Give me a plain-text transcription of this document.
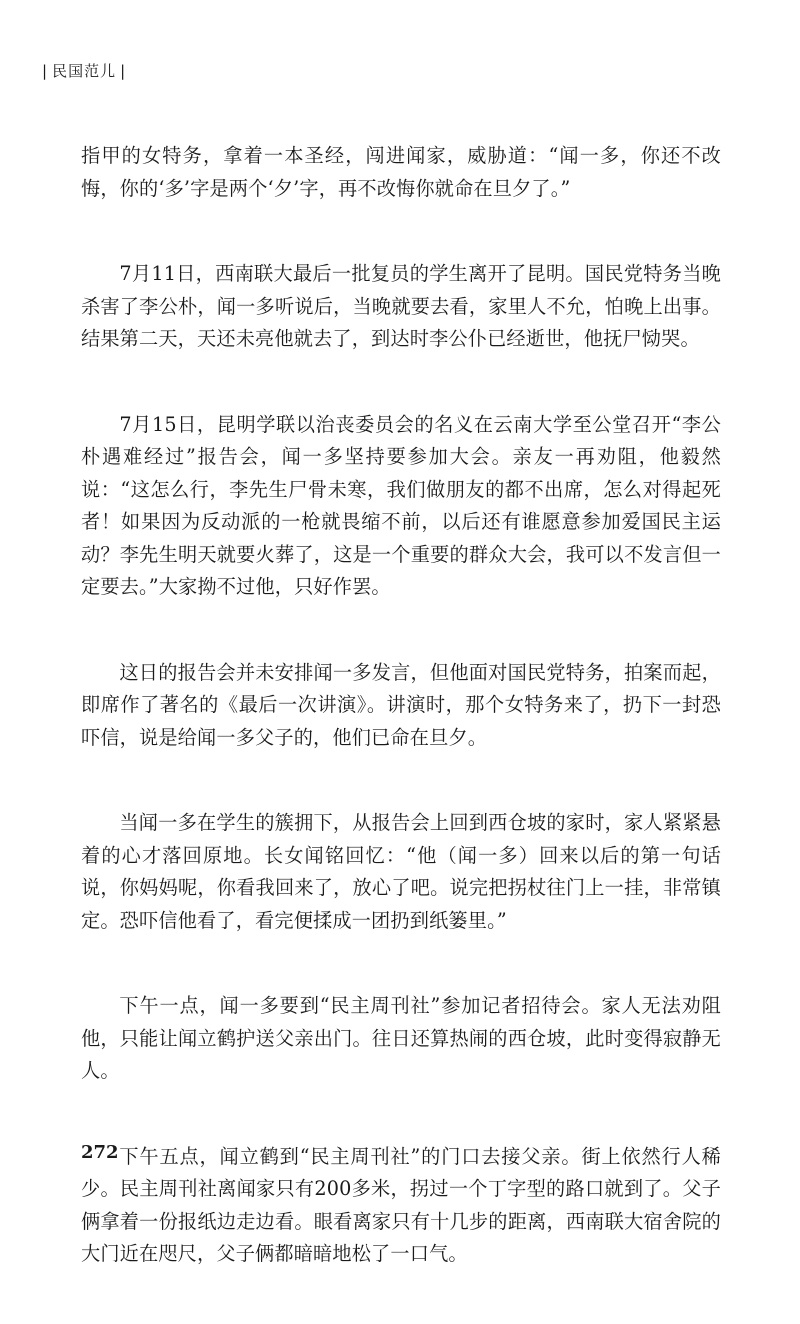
| 民国范儿 |

指甲的女特务，拿着一本圣经，闯进闻家，威胁道：“闻一多，你还不改悔，你的‘多’字是两个‘夕’字，再不改悔你就命在旦夕了。”

7月11日，西南联大最后一批复员的学生离开了昆明。国民党特务当晚杀害了李公朴，闻一多听说后，当晚就要去看，家里人不允，怕晚上出事。结果第二天，天还未亮他就去了，到达时李公仆已经逝世，他抚尸恸哭。

7月15日，昆明学联以治丧委员会的名义在云南大学至公堂召开“李公朴遇难经过”报告会，闻一多坚持要参加大会。亲友一再劝阻，他毅然说：“这怎么行，李先生尸骨未寒，我们做朋友的都不出席，怎么对得起死者！如果因为反动派的一枪就畏缩不前，以后还有谁愿意参加爱国民主运动？李先生明天就要火葬了，这是一个重要的群众大会，我可以不发言但一定要去。”大家拗不过他，只好作罢。

这日的报告会并未安排闻一多发言，但他面对国民党特务，拍案而起，即席作了著名的《最后一次讲演》。讲演时，那个女特务来了，扔下一封恐吓信，说是给闻一多父子的，他们已命在旦夕。

当闻一多在学生的簇拥下，从报告会上回到西仓坡的家时，家人紧紧悬着的心才落回原地。长女闻铭回忆：“他（闻一多）回来以后的第一句话说，你妈妈呢，你看我回来了，放心了吧。说完把拐杖往门上一挂，非常镇定。恐吓信他看了，看完便揉成一团扔到纸篓里。”

下午一点，闻一多要到“民主周刊社”参加记者招待会。家人无法劝阻他，只能让闻立鹤护送父亲出门。往日还算热闹的西仓坡，此时变得寂静无人。

下午五点，闻立鹤到“民主周刊社”的门口去接父亲。街上依然行人稀少。民主周刊社离闻家只有200多米，拐过一个丁字型的路口就到了。父子俩拿着一份报纸边走边看。眼看离家只有十几步的距离，西南联大宿舍院的大门近在咫尺，父子俩都暗暗地松了一口气。

272
